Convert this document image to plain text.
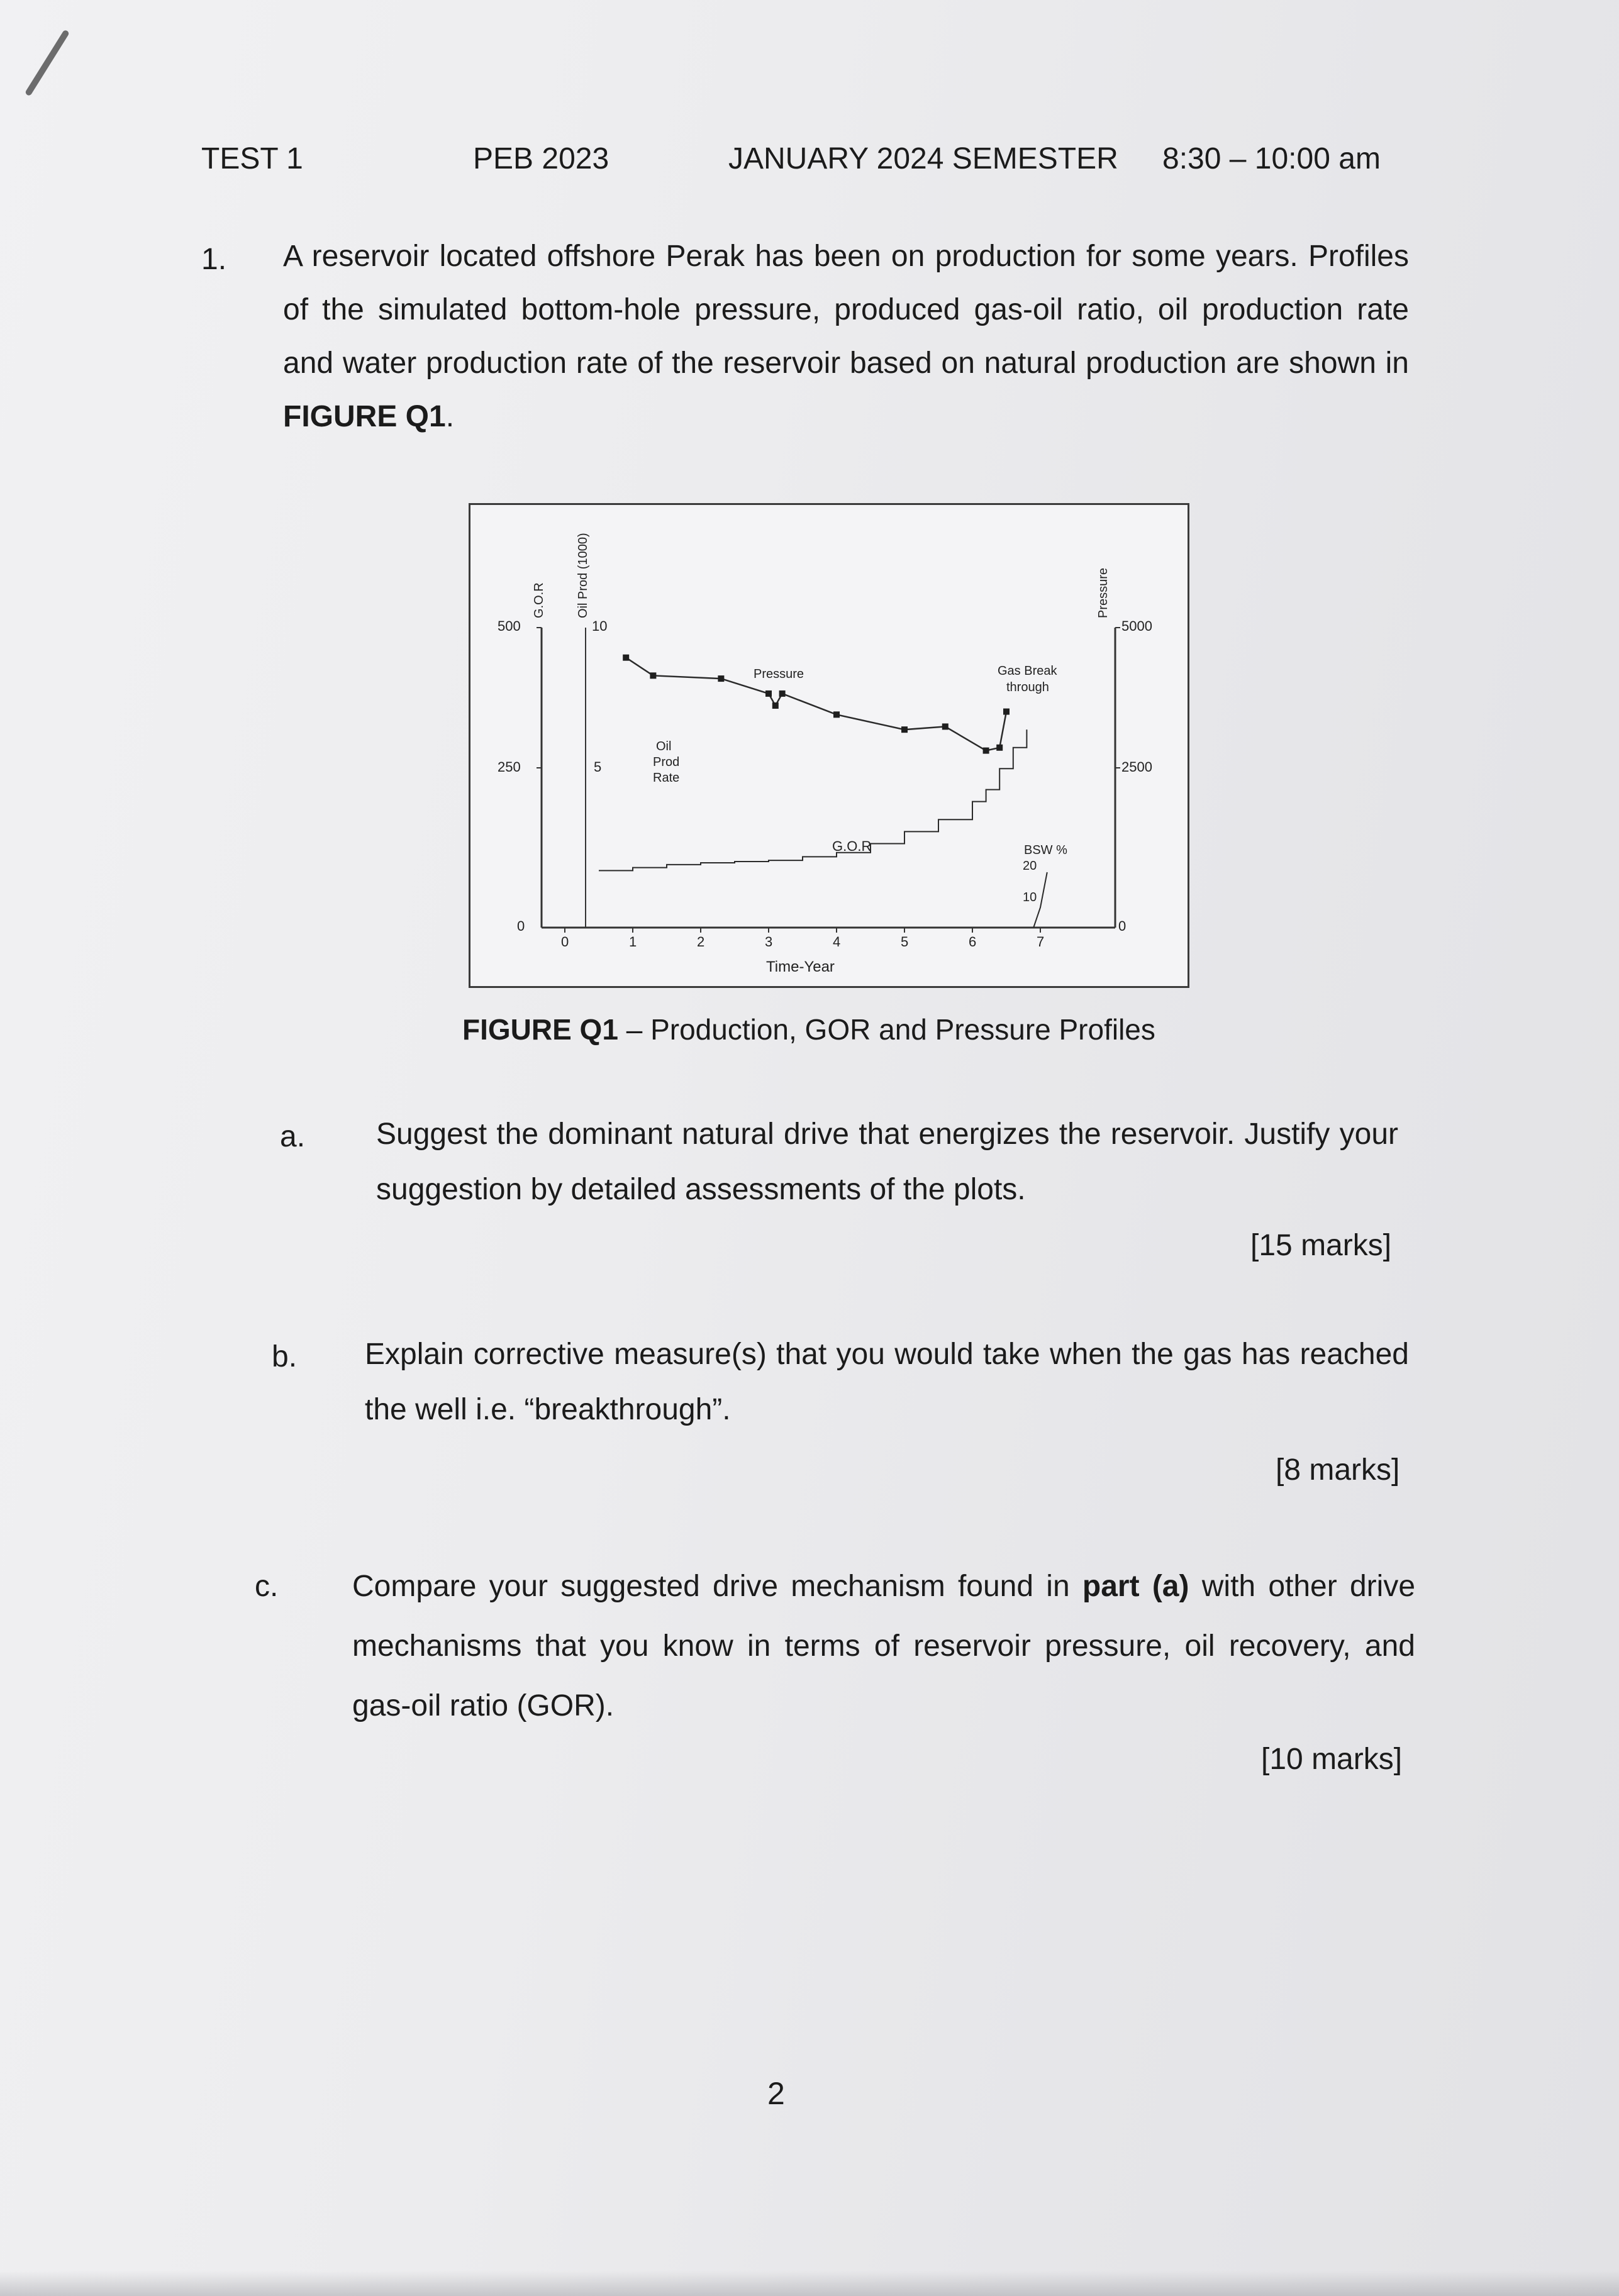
TEST 1	PEB 2023	JANUARY 2024 SEMESTER 8:30 – 10:00 am
1. A reservoir located offshore Perak has been on production for some years. Profiles of the simulated bottom-hole pressure, produced gas-oil ratio, oil production rate and water production rate of the reservoir based on natural production are shown in FIGURE Q1.
G.O.R Oil Prod (1000)	Pressure
500
250
0
10
5
5000
2500
0
0	1	2	3	4	5	6	7
Time-Year
Pressure	Gas Break
through
Oil
Prod
Rate
G.O.R	BSW %
20
10
FIGURE Q1 – Production, GOR and Pressure Profiles
a. Suggest the dominant natural drive that energizes the reservoir. Justify your suggestion by detailed assessments of the plots.
[15 marks]
b. Explain corrective measure(s) that you would take when the gas has reached the well i.e. “breakthrough”.
[8 marks]
c. Compare your suggested drive mechanism found in part (a) with other drive mechanisms that you know in terms of reservoir pressure, oil recovery, and gas-oil ratio (GOR).
[10 marks]
2
